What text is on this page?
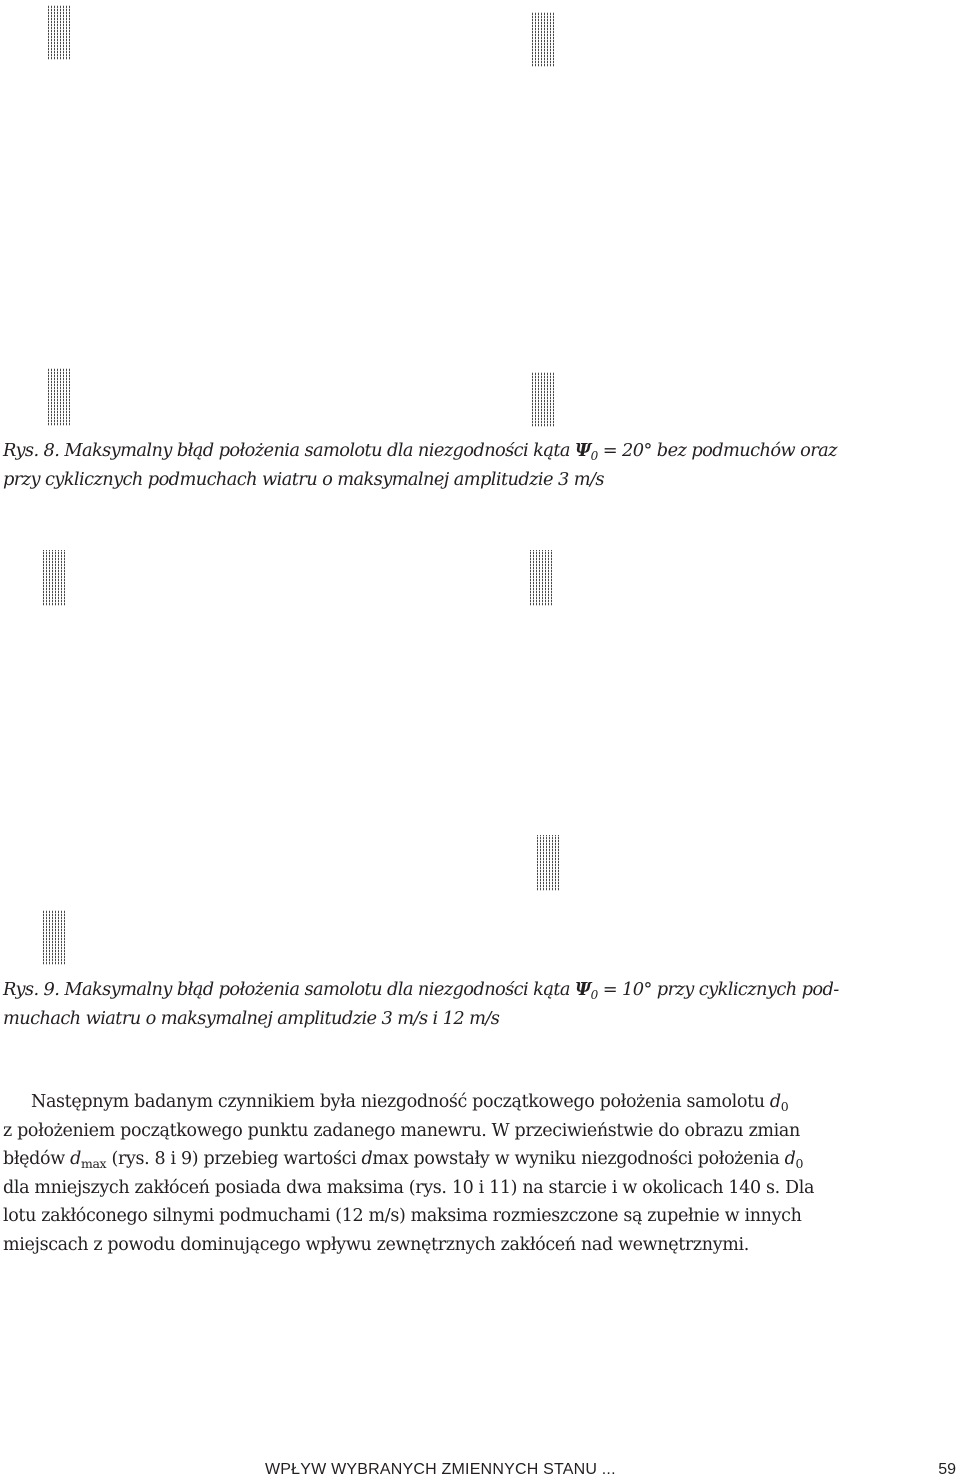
Rys. 8. Maksymalny błąd położenia samolotu dla niezgodności kąta $\Psi_0 = 20^\circ$ bez podmuchów oraz
przy cyklicznych podmuchach wiatru o maksymalnej amplitudzie 3 m/s
Rys. 9. Maksymalny błąd położenia samolotu dla niezgodności kąta $\Psi_0 = 10^\circ$ przy cyklicznych pod-
muchach wiatru o maksymalnej amplitudzie 3 m/s i 12 m/s
Następnym badanym czynnikiem była niezgodność początkowego położenia samolotu $d_0$
z położeniem początkowego punktu zadanego manewru. W przeciwieństwie do obrazu zmian
błędów $d_{max}$ (rys. 8 i 9) przebieg wartości dmax powstały w wyniku niezgodności położenia $d_0$
dla mniejszych zakłóceń posiada dwa maksima (rys. 10 i 11) na starcie i w okolicach 140 s. Dla
lotu zakłóconego silnymi podmuchami (12 m/s) maksima rozmieszczone są zupełnie w innych
miejscach z powodu dominującego wpływu zewnętrznych zakłóceń nad wewnętrznymi.
WPŁYW WYBRANYCH ZMIENNYCH STANU ...	59
